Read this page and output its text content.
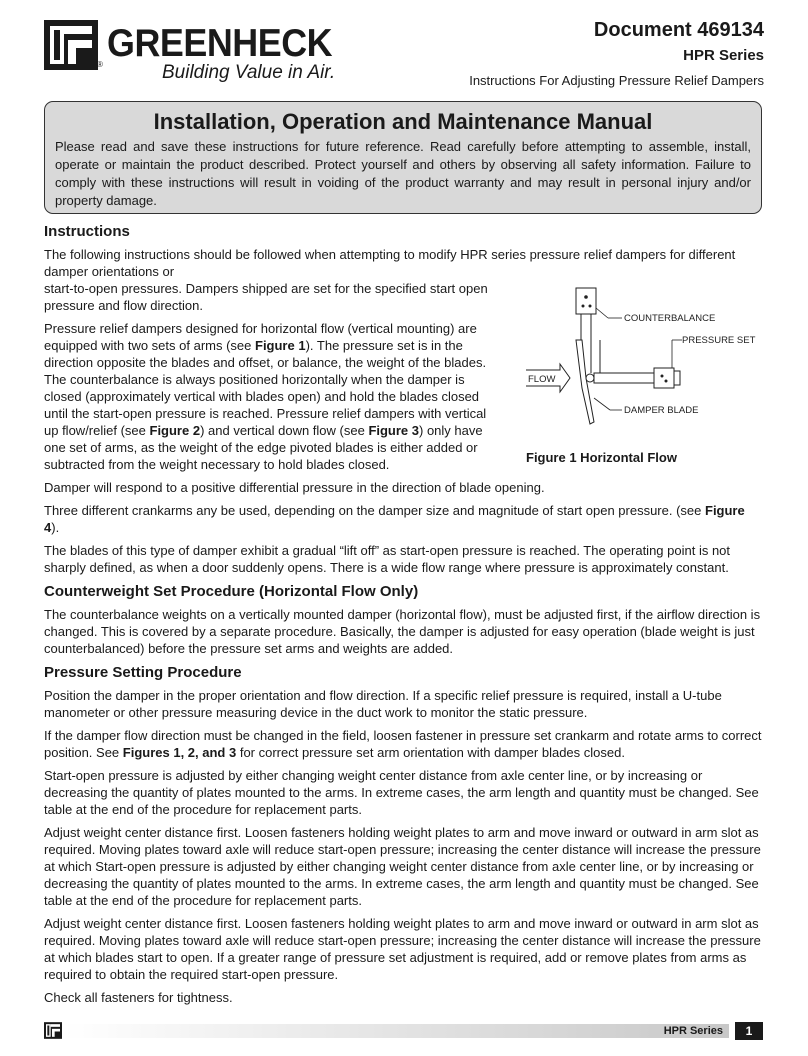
GREENHECK
®	Building Value in Air.
Document 469134
HPR Series
Instructions For Adjusting Pressure Relief Dampers
Installation, Operation and Maintenance Manual
Please read and save these instructions for future reference. Read carefully before attempting to assemble, install, operate or maintain the product described. Protect yourself and others by observing all safety information. Failure to comply with these instructions will result in voiding of the product warranty and may result in personal injury and/or property damage.
Instructions

The following instructions should be followed when attempting to modify HPR series pressure relief dampers for different damper orientations or
start-to-open pressures. Dampers shipped are set for the specified start open pressure and flow direction.

Pressure relief dampers designed for horizontal flow (vertical mounting) are equipped with two sets of arms (see Figure 1). The pressure set is in the direction opposite the blades and offset, or balance, the weight of the blades. The counterbalance is always positioned horizontally when the damper is closed (approximately vertical with blades open) and hold the blades closed until the start-open pressure is reached. Pressure relief dampers with vertical up flow/relief (see Figure 2) and vertical down flow (see Figure 3) only have one set of arms, as the weight of the edge pivoted blades is either added or subtracted from the weight necessary to hold blades closed.

Damper will respond to a positive differential pressure in the direction of blade opening.

Three different crankarms any be used, depending on the damper size and magnitude of start open pressure. (see Figure 4).

The blades of this type of damper exhibit a gradual “lift off” as start-open pressure is reached. The operating point is not sharply defined, as when a door suddenly opens. There is a wide flow range where pressure is approximately constant.

Counterweight Set Procedure (Horizontal Flow Only)

The counterbalance weights on a vertically mounted damper (horizontal flow), must be adjusted first, if the airflow direction is changed. This is covered by a separate procedure. Basically, the damper is adjusted for easy operation (blade weight is just counterbalanced) before the pressure set arms and weights are added.

Pressure Setting Procedure

Position the damper in the proper orientation and flow direction. If a specific relief pressure is required, install a U-tube manometer or other pressure measuring device in the duct work to monitor the static pressure.

If the damper flow direction must be changed in the field, loosen fastener in pressure set crankarm and rotate arms to correct position. See Figures 1, 2, and 3 for correct pressure set arm orientation with damper blades closed.

Start-open pressure is adjusted by either changing weight center distance from axle center line, or by increasing or decreasing the quantity of plates mounted to the arms. In extreme cases, the arm length and quantity must be changed. See table at the end of the procedure for replacement parts.

Adjust weight center distance first. Loosen fasteners holding weight plates to arm and move inward or outward in arm slot as required. Moving plates toward axle will reduce start-open pressure; increasing the center distance will increase the pressure at which Start-open pressure is adjusted by either changing weight center distance from axle center line, or by increasing or decreasing the quantity of plates mounted to the arms. In extreme cases, the arm length and quantity must be changed. See table at the end of the procedure for replacement parts.

Adjust weight center distance first. Loosen fasteners holding weight plates to arm and move inward or outward in arm slot as required. Moving plates toward axle will reduce start-open pressure; increasing the center distance will increase the pressure at which blades start to open. If a greater range of pressure set adjustment is required, add or remove plates from arms as required to obtain the required start-open pressure.

Check all fasteners for tightness.

COUNTERBALANCE
PRESSURE SET
FLOW
DAMPER BLADE
Figure 1 Horizontal Flow
HPR Series	1
